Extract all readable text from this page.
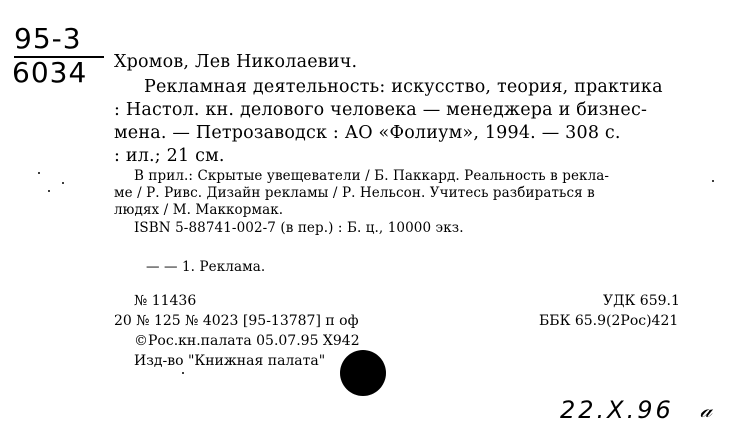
95-3
6034 Хромов, Лев Николаевич.
Рекламная деятельность: искусство, теория, практика
: Настол. кн. делового человека — менеджера и бизнес-
мена. — Петрозаводск : АО «Фолиум», 1994. — 308 с.
: ил.; 21 см.
В прил.: Скрытые увещеватели / Б. Паккард. Реальность в рекла-
ме / Р. Ривс. Дизайн рекламы / Р. Нельсон. Учитесь разбираться в
людях / М. Маккормак.
ISBN 5-88741-002-7 (в пер.) : Б. ц., 10000 экз.
— — 1. Реклама.
№ 11436
20 № 125 № 4023 [95-13787] п оф
©Рос.кн.палата 05.07.95 Х942
Изд-во "Книжная палата"
УДК 659.1
ББК 65.9(2Рос)421
22.X.96 𝒶
